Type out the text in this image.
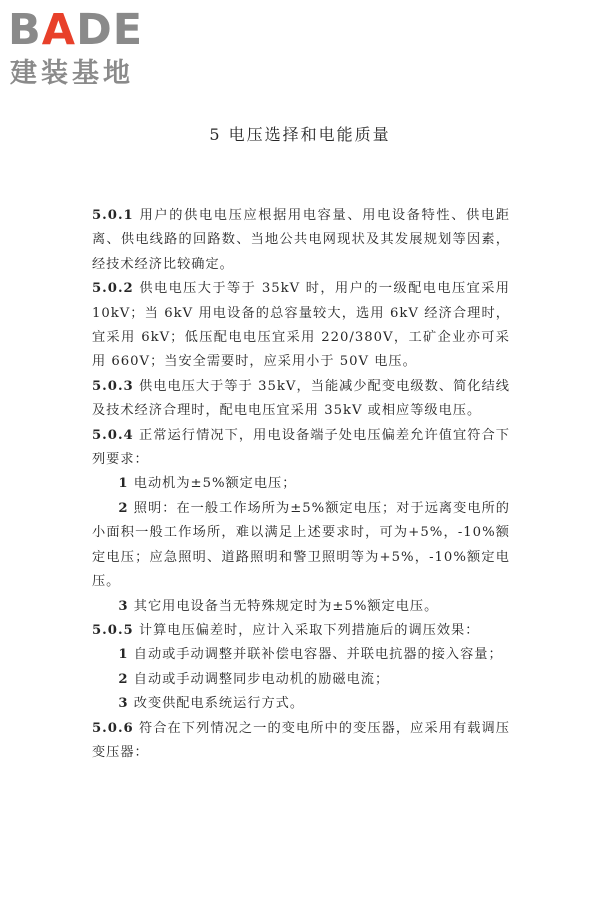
BADE
建装基地
5 电压选择和电能质量

5.0.1 用户的供电电压应根据用电容量、用电设备特性、供电距离、供电线路的回路数、当地公共电网现状及其发展规划等因素，经技术经济比较确定。

5.0.2 供电电压大于等于 35kV 时，用户的一级配电电压宜采用 10kV；当 6kV 用电设备的总容量较大，选用 6kV 经济合理时，宜采用 6kV；低压配电电压宜采用 220/380V，工矿企业亦可采用 660V；当安全需要时，应采用小于 50V 电压。

5.0.3 供电电压大于等于 35kV，当能减少配变电级数、简化结线及技术经济合理时，配电电压宜采用 35kV 或相应等级电压。

5.0.4 正常运行情况下，用电设备端子处电压偏差允许值宜符合下列要求：

1 电动机为±5%额定电压；

2 照明：在一般工作场所为±5%额定电压；对于远离变电所的小面积一般工作场所，难以满足上述要求时，可为+5%，-10%额定电压；应急照明、道路照明和警卫照明等为+5%，-10%额定电压。

3 其它用电设备当无特殊规定时为±5%额定电压。

5.0.5 计算电压偏差时，应计入采取下列措施后的调压效果：

1 自动或手动调整并联补偿电容器、并联电抗器的接入容量；

2 自动或手动调整同步电动机的励磁电流；

3 改变供配电系统运行方式。

5.0.6 符合在下列情况之一的变电所中的变压器，应采用有载调压变压器：
